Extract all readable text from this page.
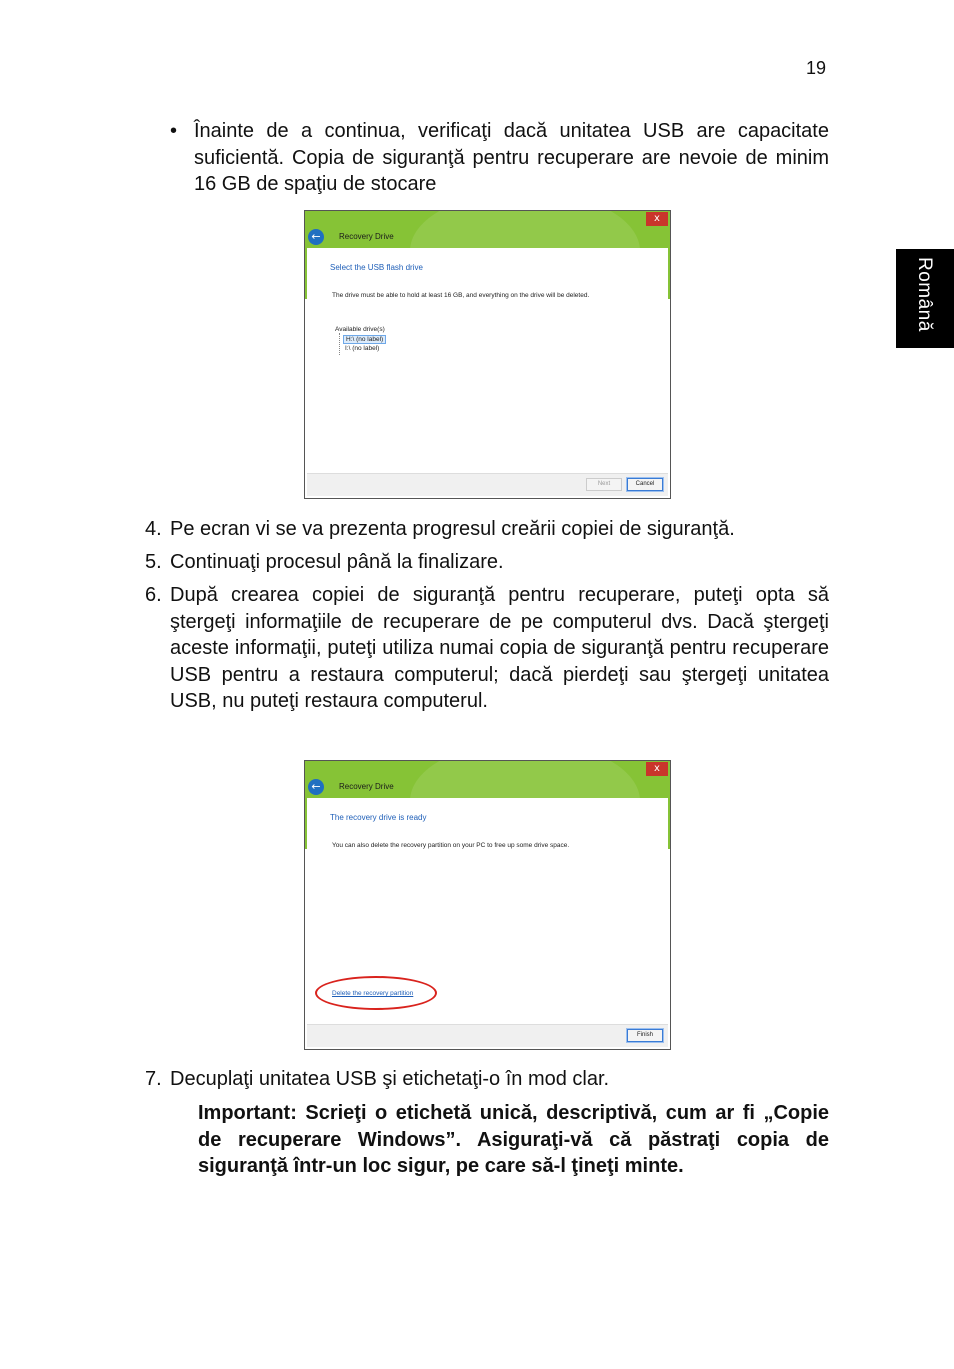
19
Română
• Înainte de a continua, verificaţi dacă unitatea USB are capacitate suficientă. Copia de siguranţă pentru recuperare are nevoie de minim 16 GB de spaţiu de stocare
x
←	Recovery Drive
Select the USB flash drive
The drive must be able to hold at least 16 GB, and everything on the drive will be deleted.
Available drive(s)
H:\ (no label)
I:\ (no label)
Next	Cancel
4. Pe ecran vi se va prezenta progresul creării copiei de siguranţă.
5. Continuaţi procesul până la finalizare.
6. După crearea copiei de siguranţă pentru recuperare, puteţi opta să ştergeţi informaţiile de recuperare de pe computerul dvs. Dacă ştergeţi aceste informaţii, puteţi utiliza numai copia de siguranţă pentru recuperare USB pentru a restaura computerul; dacă pierdeţi sau ştergeţi unitatea USB, nu puteţi restaura computerul.
x
←	Recovery Drive
The recovery drive is ready
You can also delete the recovery partition on your PC to free up some drive space.
Delete the recovery partition
Finish
7. Decuplaţi unitatea USB şi etichetaţi-o în mod clar.
Important: Scrieţi o etichetă unică, descriptivă, cum ar fi „Copie de recuperare Windows”. Asiguraţi-vă că păstraţi copia de siguranţă într-un loc sigur, pe care să-l ţineţi minte.
